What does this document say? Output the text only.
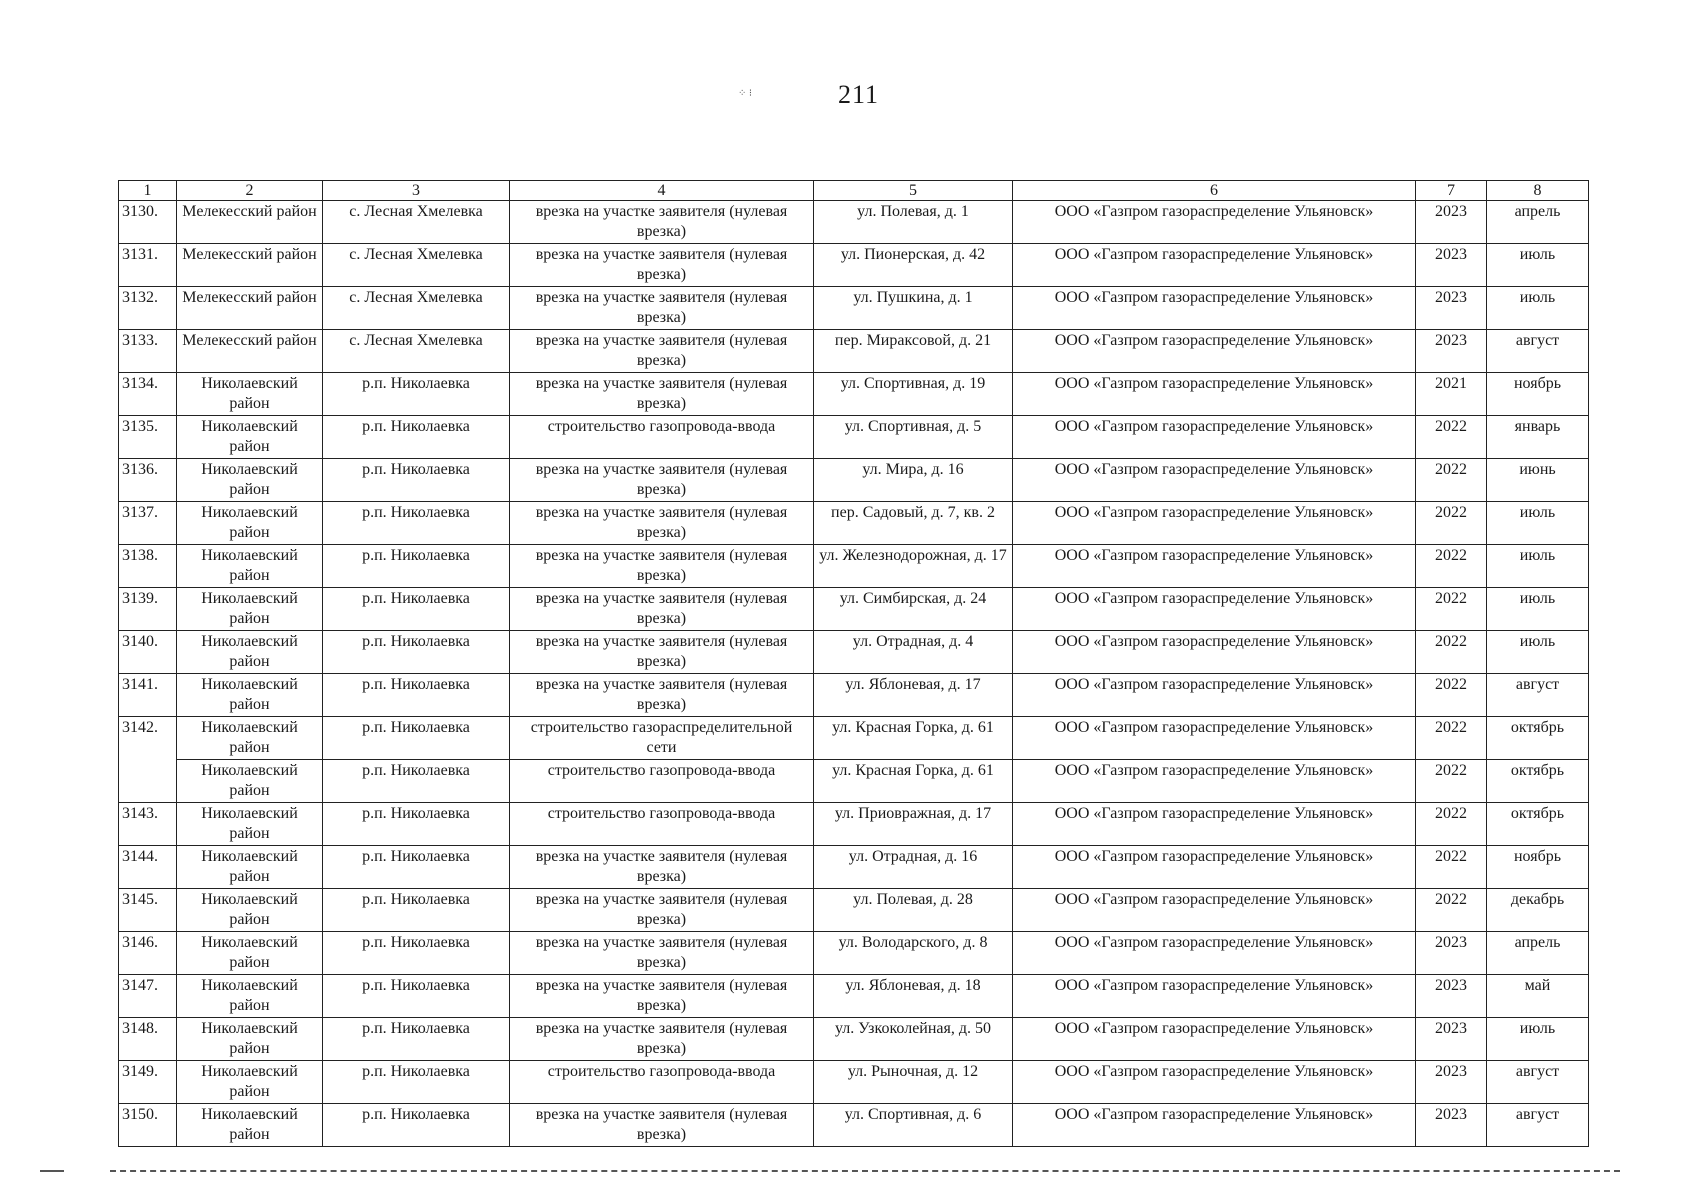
⁘ ⁝	211
1	2	3	4	5	6	7	8
3130.	Мелекесский район	с. Лесная Хмелевка	врезка на участке заявителя (нулевая врезка)	ул. Полевая, д. 1	ООО «Газпром газораспределение Ульяновск»	2023	апрель
3131.	Мелекесский район	с. Лесная Хмелевка	врезка на участке заявителя (нулевая врезка)	ул. Пионерская, д. 42	ООО «Газпром газораспределение Ульяновск»	2023	июль
3132.	Мелекесский район	с. Лесная Хмелевка	врезка на участке заявителя (нулевая врезка)	ул. Пушкина, д. 1	ООО «Газпром газораспределение Ульяновск»	2023	июль
3133.	Мелекесский район	с. Лесная Хмелевка	врезка на участке заявителя (нулевая врезка)	пер. Мираксовой, д. 21	ООО «Газпром газораспределение Ульяновск»	2023	август
3134.	Николаевский район	р.п. Николаевка	врезка на участке заявителя (нулевая врезка)	ул. Спортивная, д. 19	ООО «Газпром газораспределение Ульяновск»	2021	ноябрь
3135.	Николаевский район	р.п. Николаевка	строительство газопровода-ввода	ул. Спортивная, д. 5	ООО «Газпром газораспределение Ульяновск»	2022	январь
3136.	Николаевский район	р.п. Николаевка	врезка на участке заявителя (нулевая врезка)	ул. Мира, д. 16	ООО «Газпром газораспределение Ульяновск»	2022	июнь
3137.	Николаевский район	р.п. Николаевка	врезка на участке заявителя (нулевая врезка)	пер. Садовый, д. 7, кв. 2	ООО «Газпром газораспределение Ульяновск»	2022	июль
3138.	Николаевский район	р.п. Николаевка	врезка на участке заявителя (нулевая врезка)	ул. Железнодорожная, д. 17	ООО «Газпром газораспределение Ульяновск»	2022	июль
3139.	Николаевский район	р.п. Николаевка	врезка на участке заявителя (нулевая врезка)	ул. Симбирская, д. 24	ООО «Газпром газораспределение Ульяновск»	2022	июль
3140.	Николаевский район	р.п. Николаевка	врезка на участке заявителя (нулевая врезка)	ул. Отрадная, д. 4	ООО «Газпром газораспределение Ульяновск»	2022	июль
3141.	Николаевский район	р.п. Николаевка	врезка на участке заявителя (нулевая врезка)	ул. Яблоневая, д. 17	ООО «Газпром газораспределение Ульяновск»	2022	август
3142.	Николаевский район	р.п. Николаевка	строительство газораспределительной сети	ул. Красная Горка, д. 61	ООО «Газпром газораспределение Ульяновск»	2022	октябрь
	Николаевский район	р.п. Николаевка	строительство газопровода-ввода	ул. Красная Горка, д. 61	ООО «Газпром газораспределение Ульяновск»	2022	октябрь
3143.	Николаевский район	р.п. Николаевка	строительство газопровода-ввода	ул. Приовражная, д. 17	ООО «Газпром газораспределение Ульяновск»	2022	октябрь
3144.	Николаевский район	р.п. Николаевка	врезка на участке заявителя (нулевая врезка)	ул. Отрадная, д. 16	ООО «Газпром газораспределение Ульяновск»	2022	ноябрь
3145.	Николаевский район	р.п. Николаевка	врезка на участке заявителя (нулевая врезка)	ул. Полевая, д. 28	ООО «Газпром газораспределение Ульяновск»	2022	декабрь
3146.	Николаевский район	р.п. Николаевка	врезка на участке заявителя (нулевая врезка)	ул. Володарского, д. 8	ООО «Газпром газораспределение Ульяновск»	2023	апрель
3147.	Николаевский район	р.п. Николаевка	врезка на участке заявителя (нулевая врезка)	ул. Яблоневая, д. 18	ООО «Газпром газораспределение Ульяновск»	2023	май
3148.	Николаевский район	р.п. Николаевка	врезка на участке заявителя (нулевая врезка)	ул. Узкоколейная, д. 50	ООО «Газпром газораспределение Ульяновск»	2023	июль
3149.	Николаевский район	р.п. Николаевка	строительство газопровода-ввода	ул. Рыночная, д. 12	ООО «Газпром газораспределение Ульяновск»	2023	август
3150.	Николаевский район	р.п. Николаевка	врезка на участке заявителя (нулевая врезка)	ул. Спортивная, д. 6	ООО «Газпром газораспределение Ульяновск»	2023	август
